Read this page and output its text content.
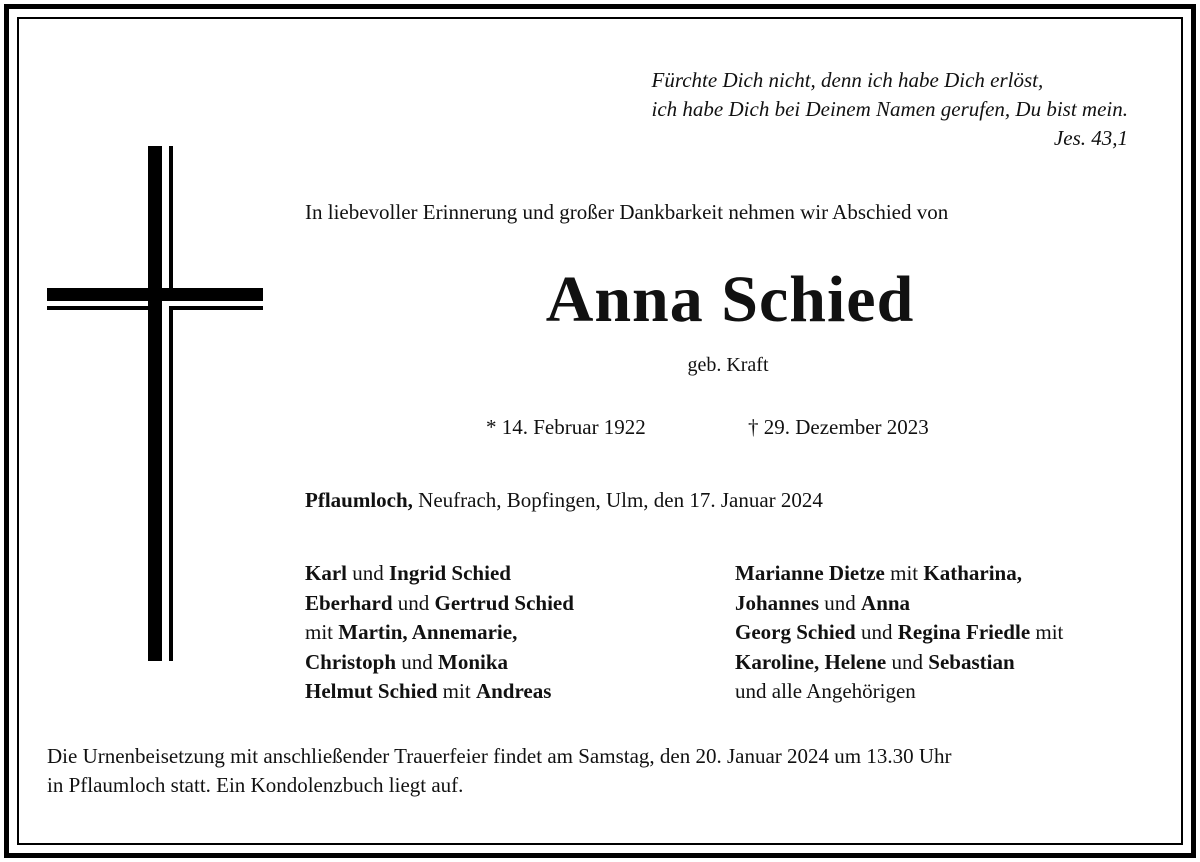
Fürchte Dich nicht, denn ich habe Dich erlöst,
ich habe Dich bei Deinem Namen gerufen, Du bist mein.
Jes. 43,1
In liebevoller Erinnerung und großer Dankbarkeit nehmen wir Abschied von
Anna Schied
geb. Kraft
* 14. Februar 1922	† 29. Dezember 2023
Pflaumloch, Neufrach, Bopfingen, Ulm, den 17. Januar 2024
Karl und Ingrid Schied
Eberhard und Gertrud Schied
mit Martin, Annemarie,
Christoph und Monika
Helmut Schied mit Andreas
Marianne Dietze mit Katharina,
Johannes und Anna
Georg Schied und Regina Friedle mit
Karoline, Helene und Sebastian
und alle Angehörigen
Die Urnenbeisetzung mit anschließender Trauerfeier findet am Samstag, den 20. Januar 2024 um 13.30 Uhr
in Pflaumloch statt. Ein Kondolenzbuch liegt auf.
